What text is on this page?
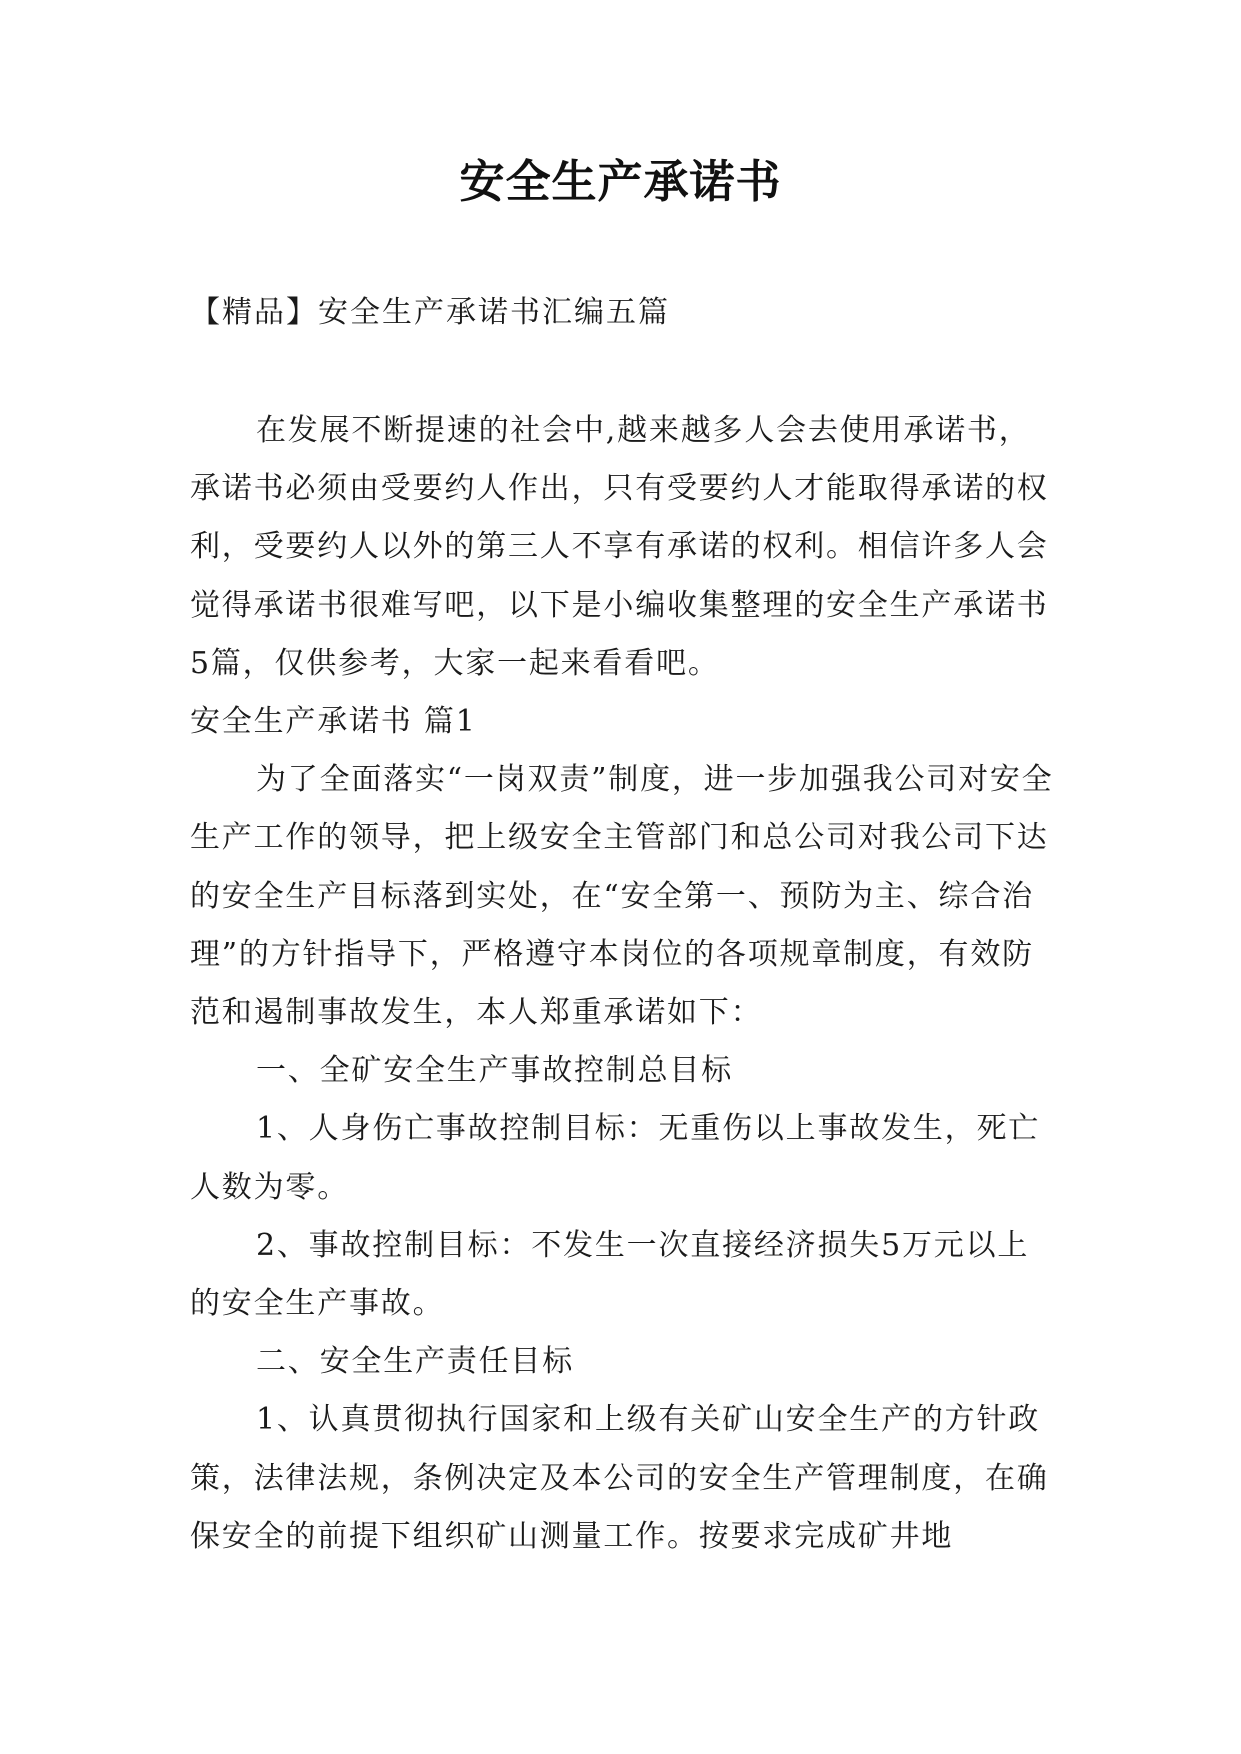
安全生产承诺书

【精品】安全生产承诺书汇编五篇

在发展不断提速的社会中,越来越多人会去使用承诺书，承诺书必须由受要约人作出，只有受要约人才能取得承诺的权利，受要约人以外的第三人不享有承诺的权利。相信许多人会觉得承诺书很难写吧，以下是小编收集整理的安全生产承诺书5篇，仅供参考，大家一起来看看吧。

安全生产承诺书 篇1

为了全面落实“一岗双责”制度，进一步加强我公司对安全生产工作的领导，把上级安全主管部门和总公司对我公司下达的安全生产目标落到实处，在“安全第一、预防为主、综合治理”的方针指导下，严格遵守本岗位的各项规章制度，有效防范和遏制事故发生，本人郑重承诺如下：

一、全矿安全生产事故控制总目标

1、人身伤亡事故控制目标：无重伤以上事故发生，死亡人数为零。

2、事故控制目标：不发生一次直接经济损失5万元以上的安全生产事故。

二、安全生产责任目标

1、认真贯彻执行国家和上级有关矿山安全生产的方针政策，法律法规，条例决定及本公司的安全生产管理制度，在确保安全的前提下组织矿山测量工作。按要求完成矿井地
